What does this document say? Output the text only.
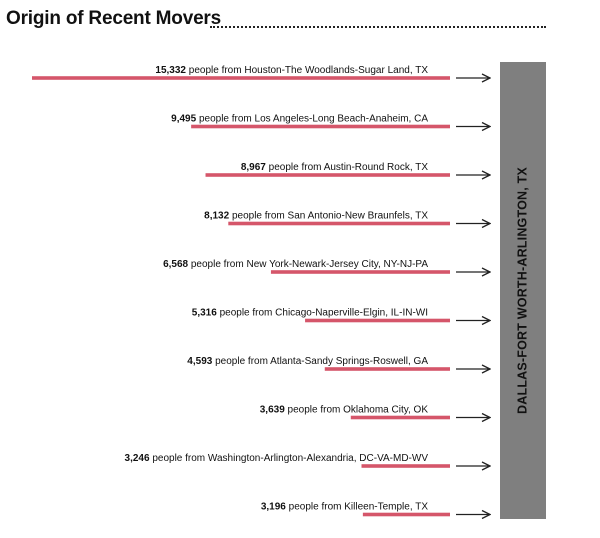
Origin of Recent Movers
15,332 people from Houston-The Woodlands-Sugar Land, TX
9,495 people from Los Angeles-Long Beach-Anaheim, CA
8,967 people from Austin-Round Rock, TX
8,132 people from San Antonio-New Braunfels, TX
6,568 people from New York-Newark-Jersey City, NY-NJ-PA
5,316 people from Chicago-Naperville-Elgin, IL-IN-WI
4,593 people from Atlanta-Sandy Springs-Roswell, GA
3,639 people from Oklahoma City, OK
3,246 people from Washington-Arlington-Alexandria, DC-VA-MD-WV
3,196 people from Killeen-Temple, TX
DALLAS-FORT WORTH-ARLINGTON, TX
